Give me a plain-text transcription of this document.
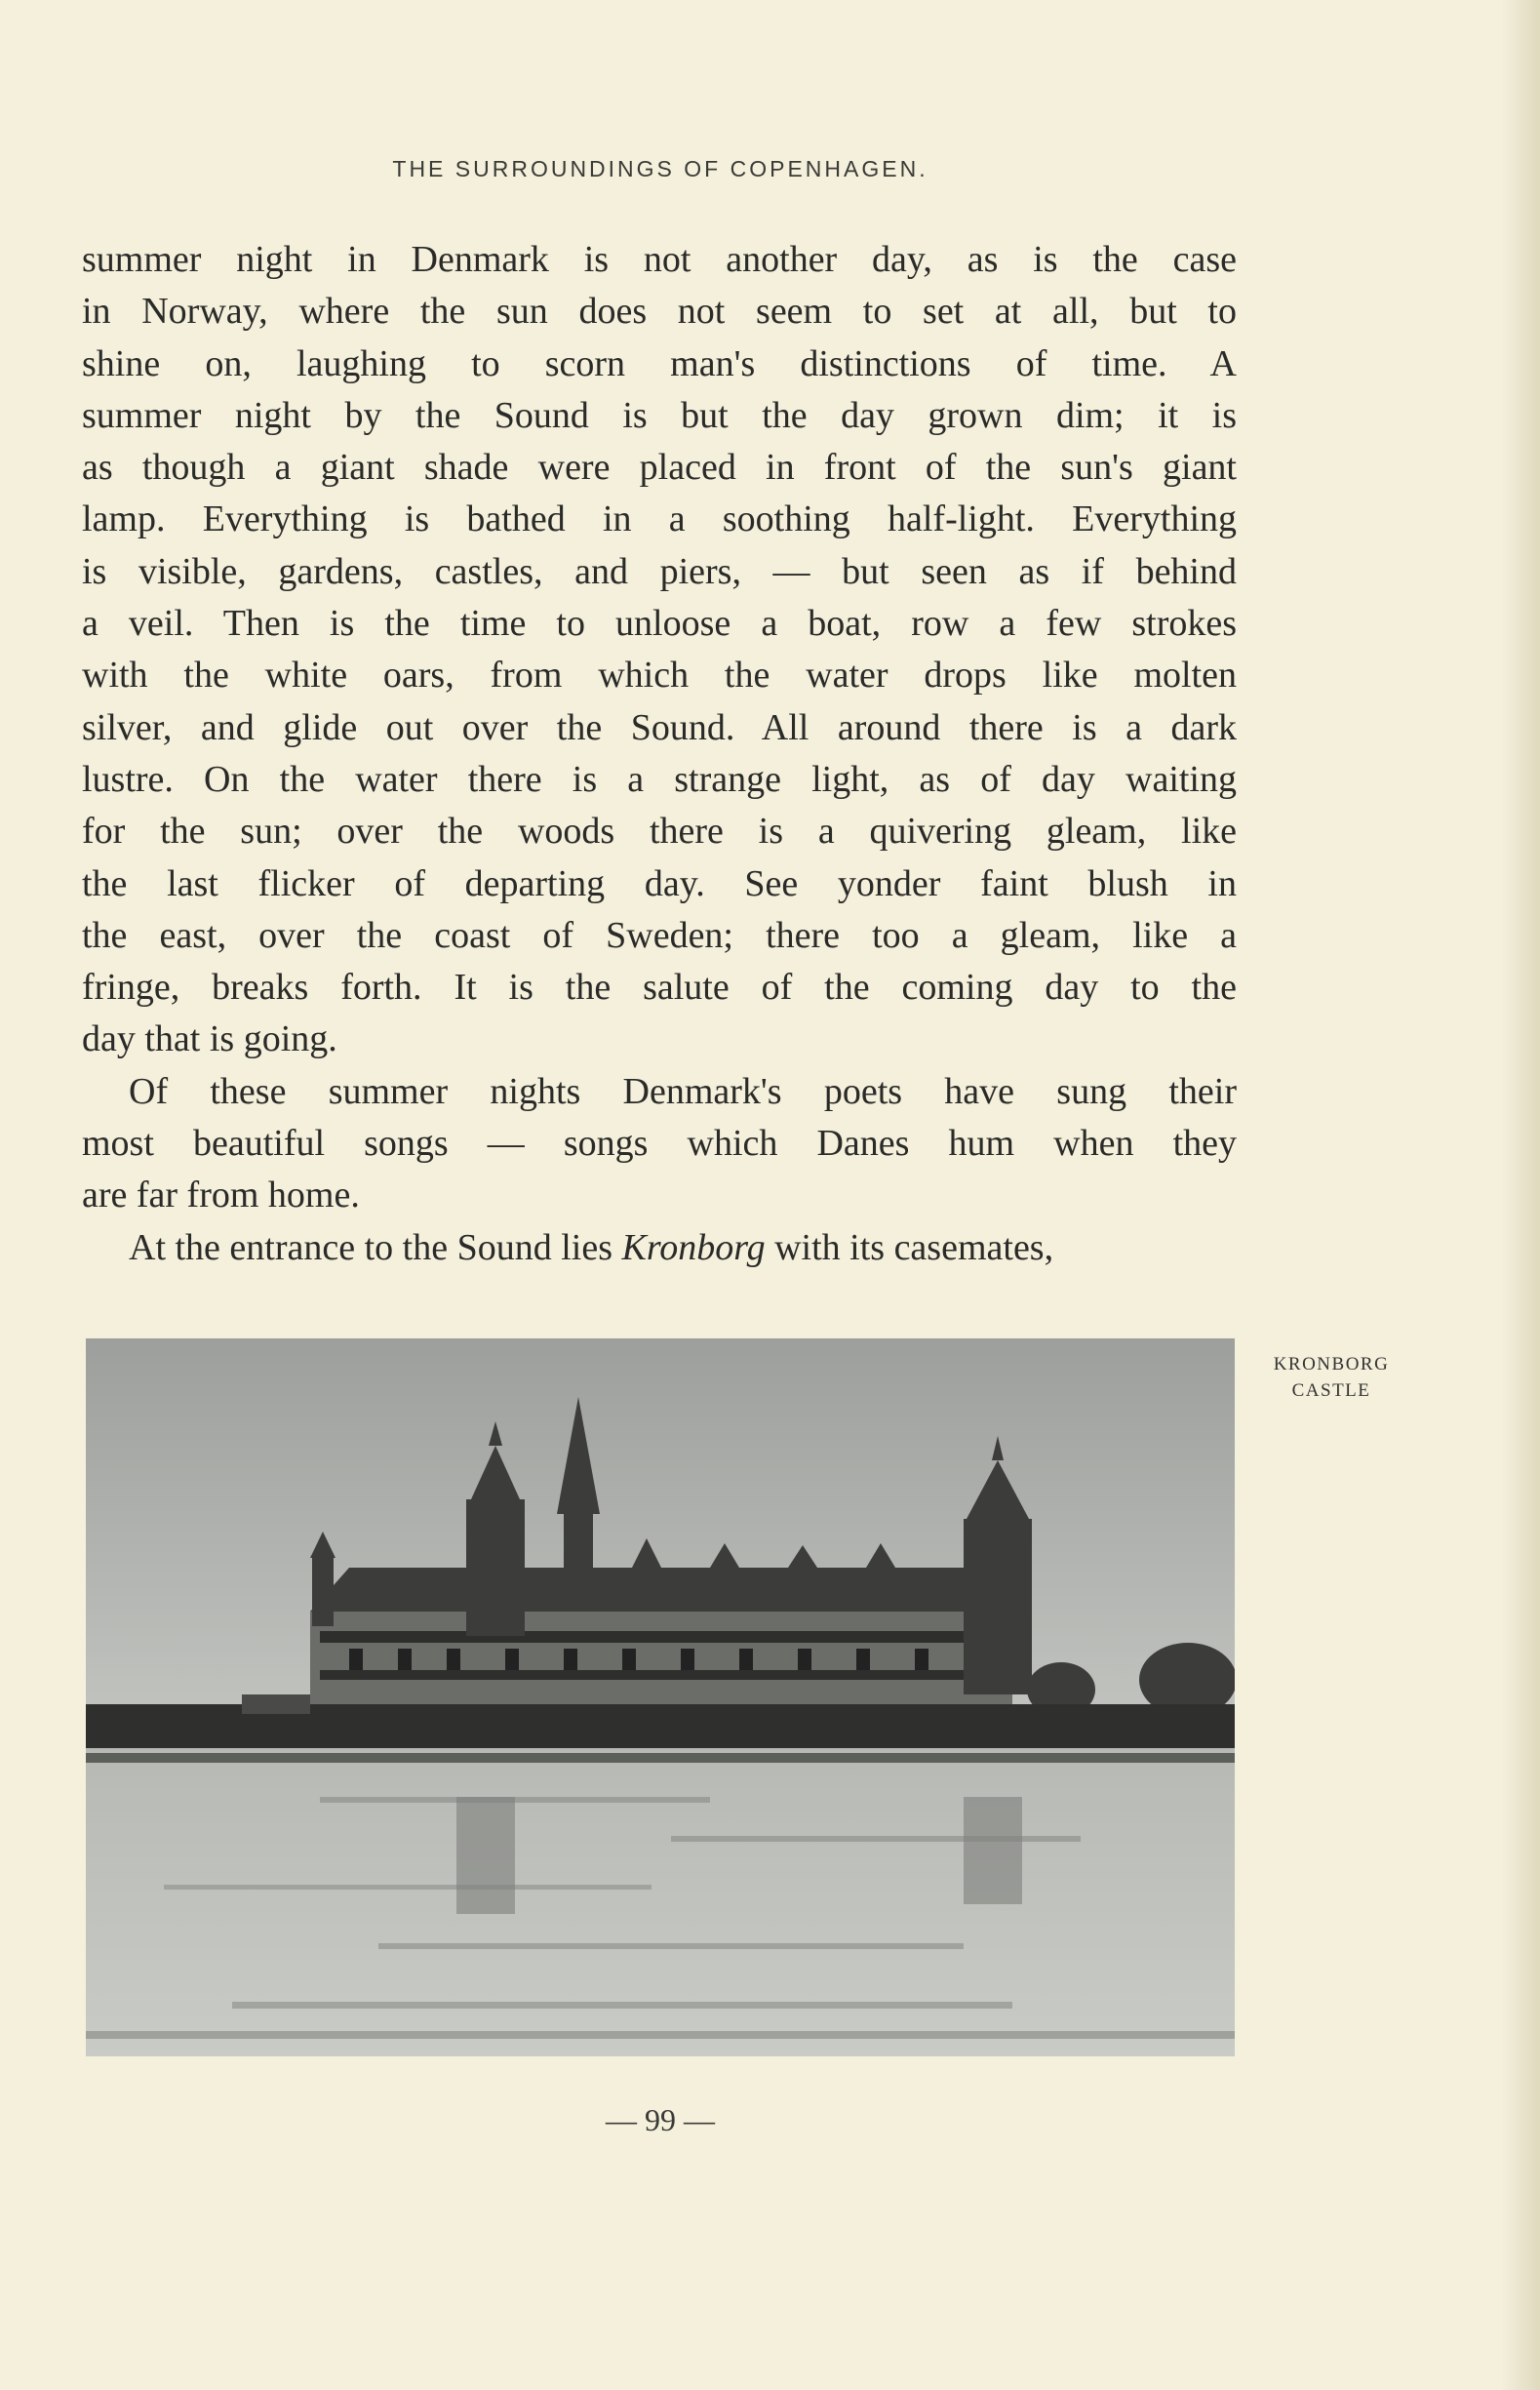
THE SURROUNDINGS OF COPENHAGEN.
summer night in Denmark is not another day, as is the case
in Norway, where the sun does not seem to set at all, but to
shine on, laughing to scorn man's distinctions of time. A
summer night by the Sound is but the day grown dim; it is
as though a giant shade were placed in front of the sun's giant
lamp. Everything is bathed in a soothing half-light. Everything
is visible, gardens, castles, and piers, — but seen as if behind
a veil. Then is the time to unloose a boat, row a few strokes
with the white oars, from which the water drops like molten
silver, and glide out over the Sound. All around there is a dark
lustre. On the water there is a strange light, as of day waiting
for the sun; over the woods there is a quivering gleam, like
the last flicker of departing day. See yonder faint blush in
the east, over the coast of Sweden; there too a gleam, like a
fringe, breaks forth. It is the salute of the coming day to the
day that is going.
Of these summer nights Denmark's poets have sung their
most beautiful songs — songs which Danes hum when they
are far from home.
At the entrance to the Sound lies Kronborg with its casemates,
KRONBORG
CASTLE
— 99 —
